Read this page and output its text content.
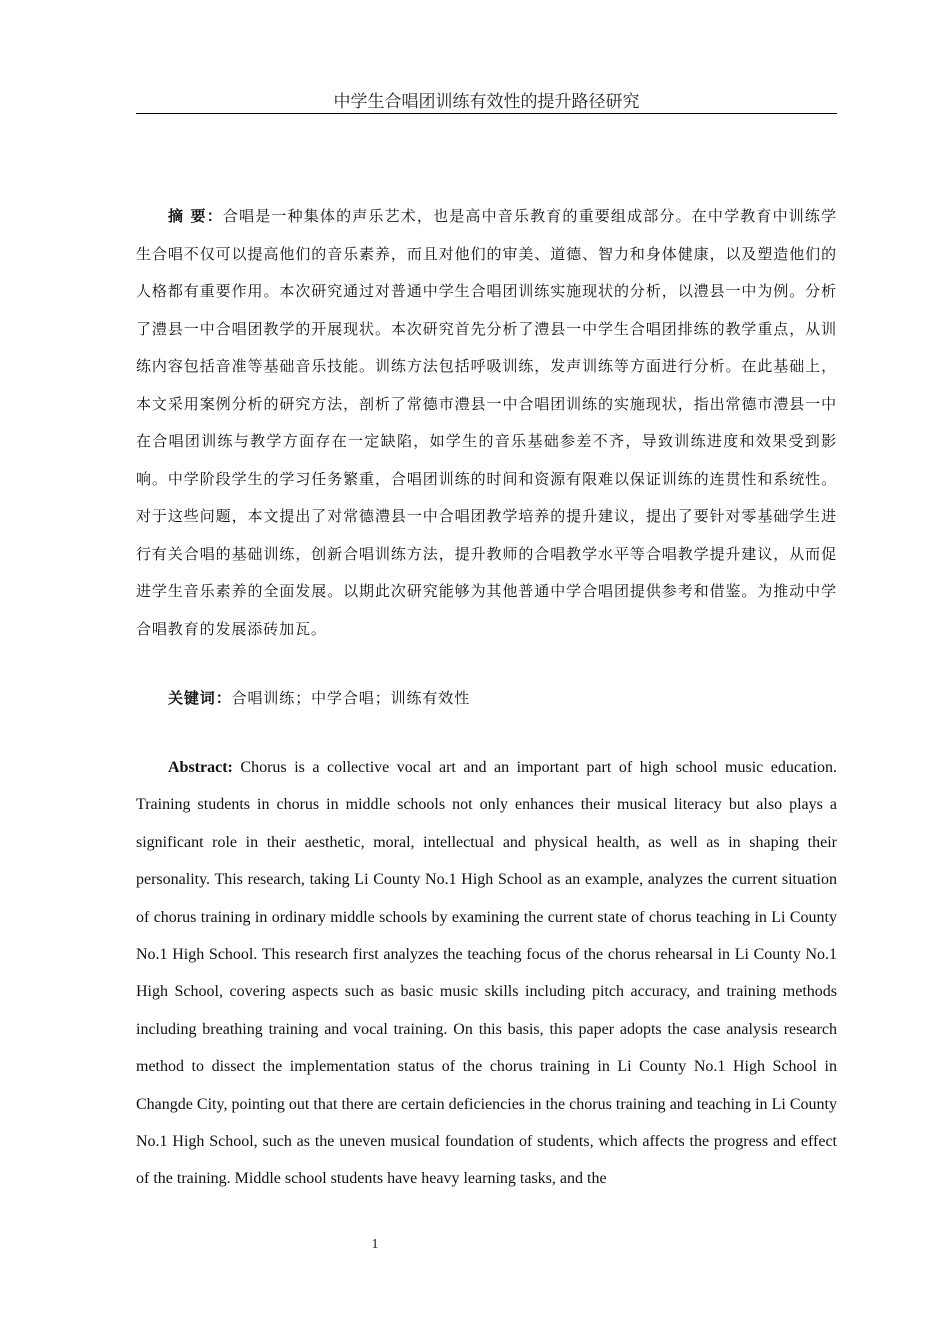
中学生合唱团训练有效性的提升路径研究
摘 要：合唱是一种集体的声乐艺术，也是高中音乐教育的重要组成部分。在中学教育中训练学生合唱不仅可以提高他们的音乐素养，而且对他们的审美、道德、智力和身体健康，以及塑造他们的人格都有重要作用。本次研究通过对普通中学生合唱团训练实施现状的分析，以澧县一中为例。分析了澧县一中合唱团教学的开展现状。本次研究首先分析了澧县一中学生合唱团排练的教学重点，从训练内容包括音准等基础音乐技能。训练方法包括呼吸训练，发声训练等方面进行分析。在此基础上，本文采用案例分析的研究方法，剖析了常德市澧县一中合唱团训练的实施现状，指出常德市澧县一中在合唱团训练与教学方面存在一定缺陷，如学生的音乐基础参差不齐，导致训练进度和效果受到影响。中学阶段学生的学习任务繁重，合唱团训练的时间和资源有限难以保证训练的连贯性和系统性。对于这些问题，本文提出了对常德澧县一中合唱团教学培养的提升建议，提出了要针对零基础学生进行有关合唱的基础训练，创新合唱训练方法，提升教师的合唱教学水平等合唱教学提升建议，从而促进学生音乐素养的全面发展。以期此次研究能够为其他普通中学合唱团提供参考和借鉴。为推动中学合唱教育的发展添砖加瓦。
关键词：合唱训练；中学合唱；训练有效性
Abstract: Chorus is a collective vocal art and an important part of high school music education. Training students in chorus in middle schools not only enhances their musical literacy but also plays a significant role in their aesthetic, moral, intellectual and physical health, as well as in shaping their personality. This research, taking Li County No.1 High School as an example, analyzes the current situation of chorus training in ordinary middle schools by examining the current state of chorus teaching in Li County No.1 High School. This research first analyzes the teaching focus of the chorus rehearsal in Li County No.1 High School, covering aspects such as basic music skills including pitch accuracy, and training methods including breathing training and vocal training. On this basis, this paper adopts the case analysis research method to dissect the implementation status of the chorus training in Li County No.1 High School in Changde City, pointing out that there are certain deficiencies in the chorus training and teaching in Li County No.1 High School, such as the uneven musical foundation of students, which affects the progress and effect of the training. Middle school students have heavy learning tasks, and the
1
